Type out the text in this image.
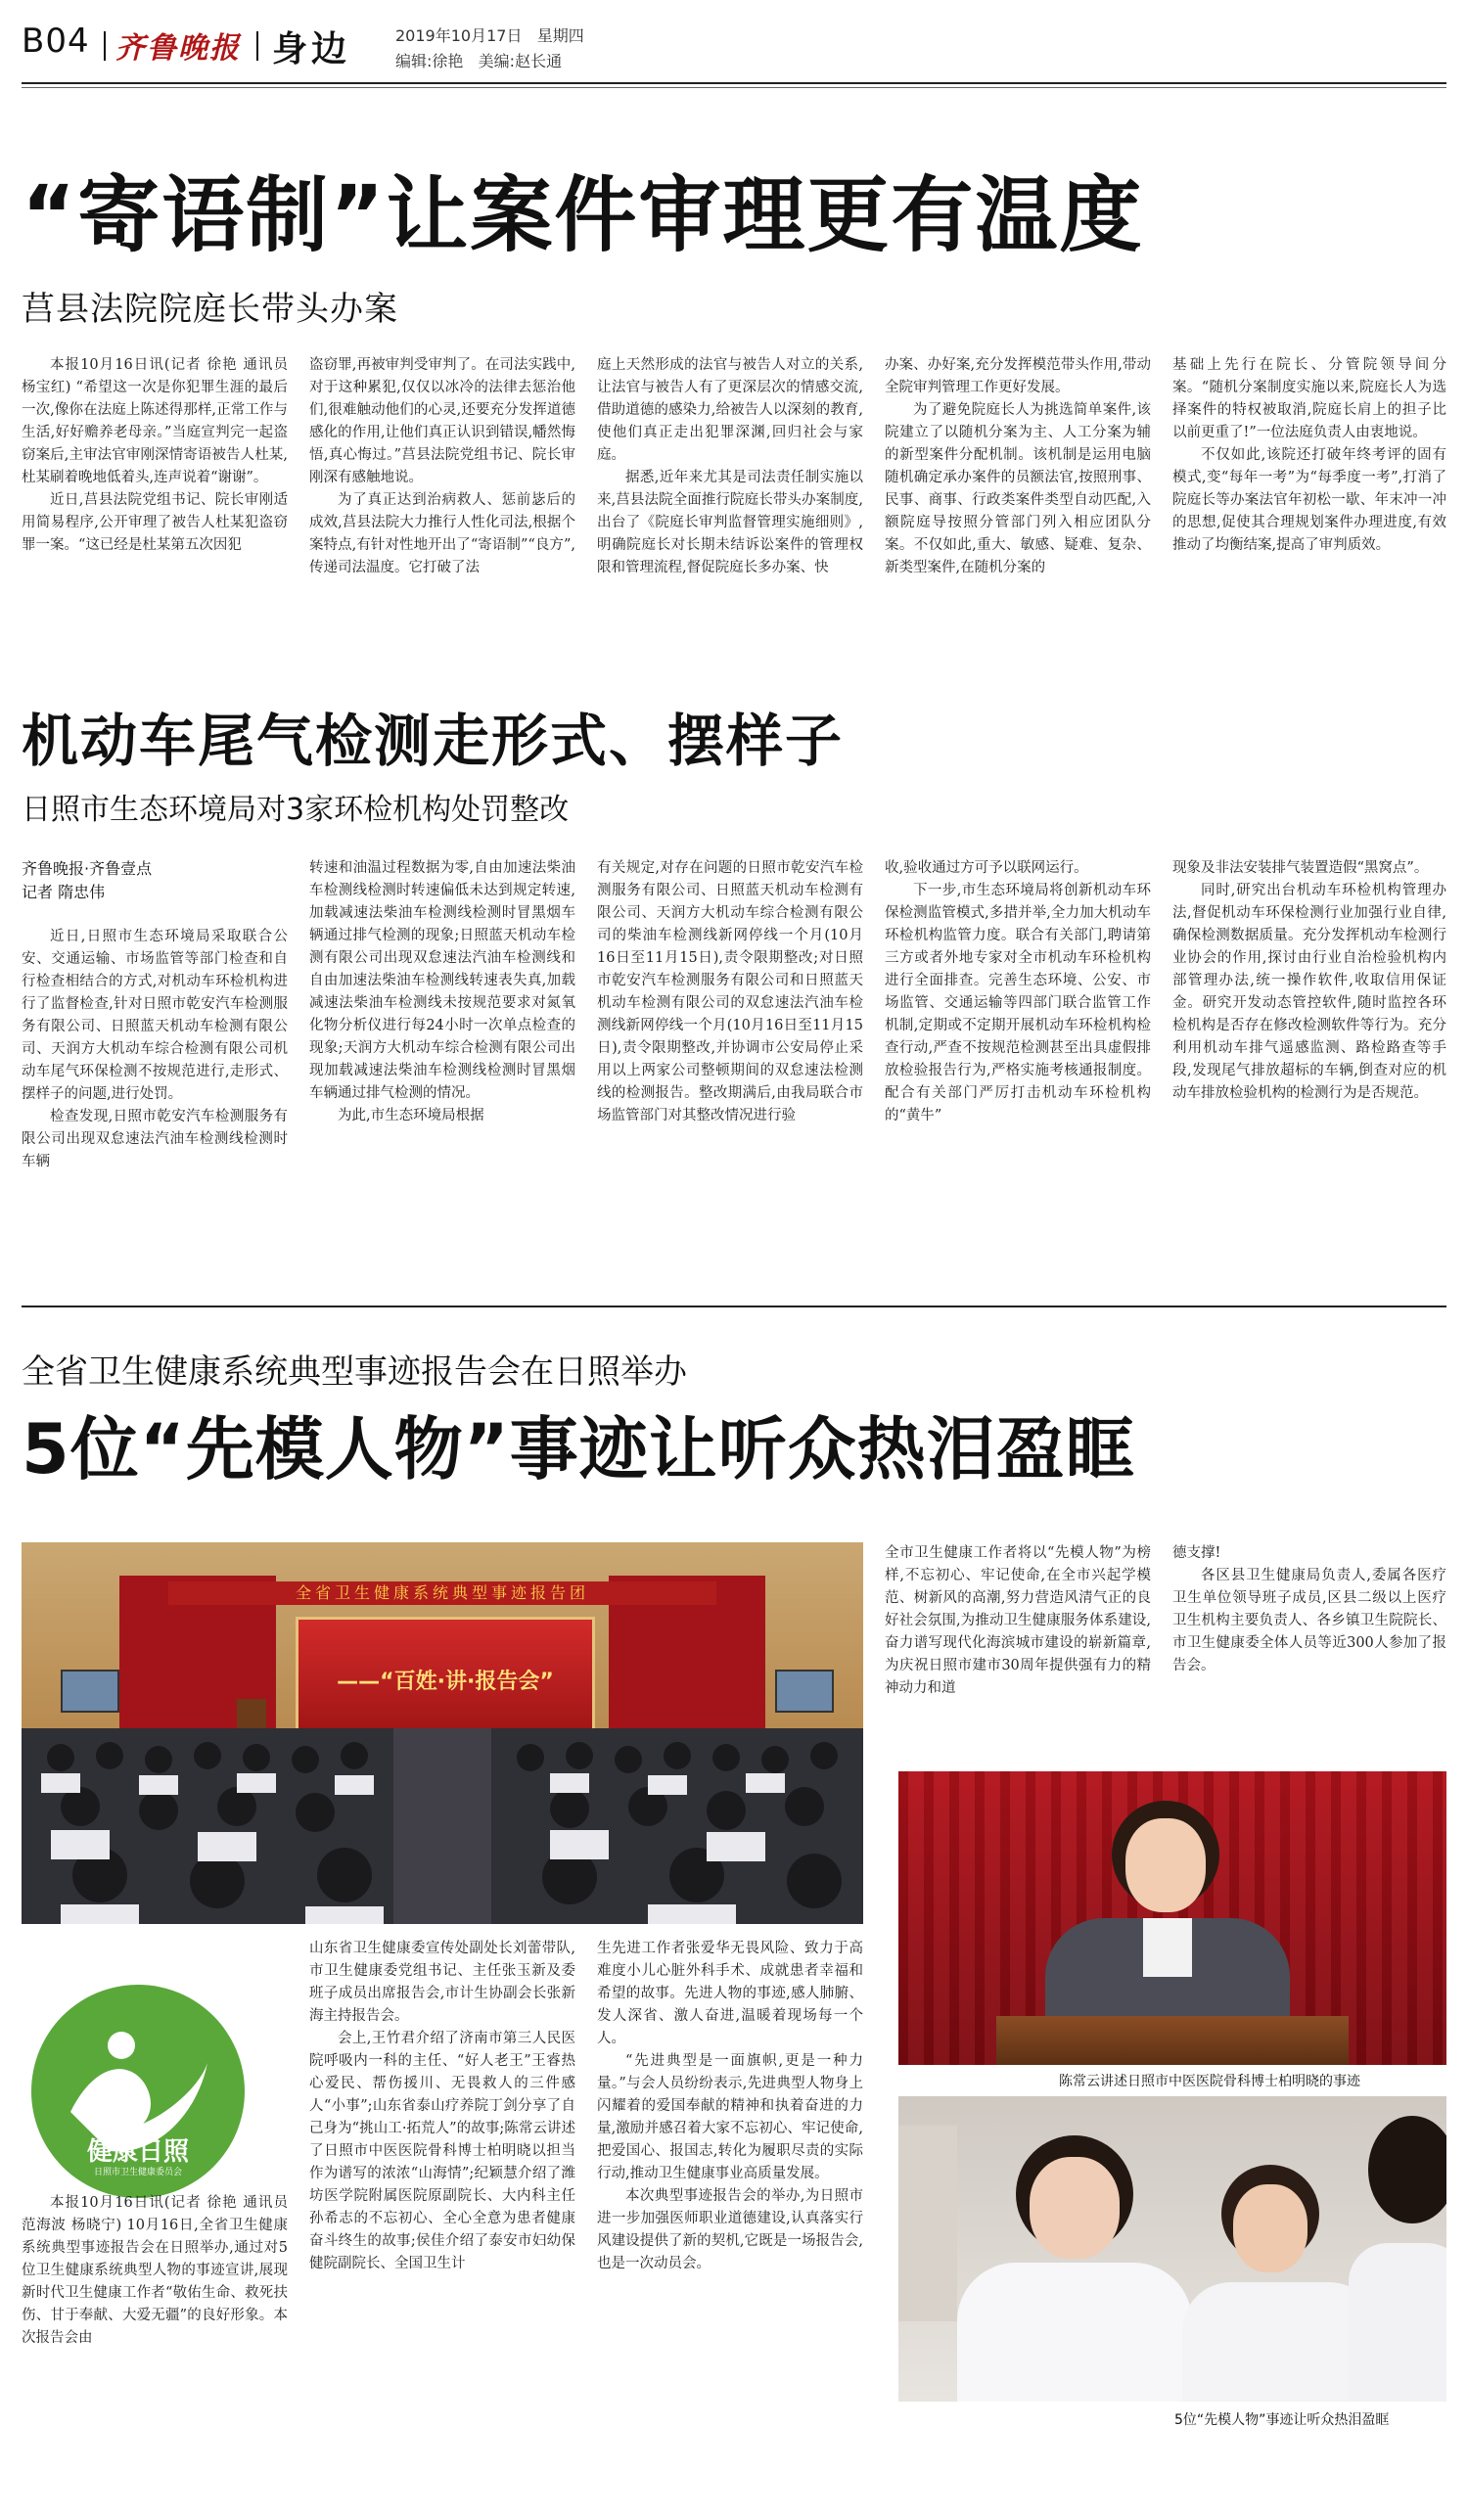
B04 齐鲁晚报 身边	2019年10月17日 星期四
编辑:徐艳 美编:赵长通
“寄语制”让案件审理更有温度
莒县法院院庭长带头办案

本报10月16日讯(记者 徐艳 通讯员 杨宝红) “希望这一次是你犯罪生涯的最后一次,像你在法庭上陈述得那样,正常工作与生活,好好赡养老母亲。”当庭宣判完一起盗窃案后,主审法官审刚深情寄语被告人杜某,杜某刷着晚地低着头,连声说着“谢谢”。

近日,莒县法院党组书记、院长审刚适用简易程序,公开审理了被告人杜某犯盗窃罪一案。“这已经是杜某第五次因犯

盗窃罪,再被审判受审判了。在司法实践中,对于这种累犯,仅仅以冰冷的法律去惩治他们,很难触动他们的心灵,还要充分发挥道德感化的作用,让他们真正认识到错误,幡然悔悟,真心悔过。”莒县法院党组书记、院长审刚深有感触地说。

为了真正达到治病救人、惩前毖后的成效,莒县法院大力推行人性化司法,根据个案特点,有针对性地开出了“寄语制”“良方”,传递司法温度。它打破了法

庭上天然形成的法官与被告人对立的关系,让法官与被告人有了更深层次的情感交流,借助道德的感染力,给被告人以深刻的教育,使他们真正走出犯罪深渊,回归社会与家庭。

据悉,近年来尤其是司法责任制实施以来,莒县法院全面推行院庭长带头办案制度,出台了《院庭长审判监督管理实施细则》,明确院庭长对长期未结诉讼案件的管理权限和管理流程,督促院庭长多办案、快

办案、办好案,充分发挥模范带头作用,带动全院审判管理工作更好发展。

为了避免院庭长人为挑选简单案件,该院建立了以随机分案为主、人工分案为辅的新型案件分配机制。该机制是运用电脑随机确定承办案件的员额法官,按照刑事、民事、商事、行政类案件类型自动匹配,入额院庭导按照分管部门列入相应团队分案。不仅如此,重大、敏感、疑难、复杂、新类型案件,在随机分案的

基础上先行在院长、分管院领导间分案。“随机分案制度实施以来,院庭长人为选择案件的特权被取消,院庭长肩上的担子比以前更重了!”一位法庭负责人由衷地说。

不仅如此,该院还打破年终考评的固有模式,变“每年一考”为“每季度一考”,打消了院庭长等办案法官年初松一歇、年末冲一冲的思想,促使其合理规划案件办理进度,有效推动了均衡结案,提高了审判质效。

机动车尾气检测走形式、摆样子
日照市生态环境局对3家环检机构处罚整改
齐鲁晚报·齐鲁壹点
记者 隋忠伟

近日,日照市生态环境局采取联合公安、交通运输、市场监管等部门检查和自行检查相结合的方式,对机动车环检机构进行了监督检查,针对日照市乾安汽车检测服务有限公司、日照蓝天机动车检测有限公司、天润方大机动车综合检测有限公司机动车尾气环保检测不按规范进行,走形式、摆样子的问题,进行处罚。

检查发现,日照市乾安汽车检测服务有限公司出现双怠速法汽油车检测线检测时车辆

转速和油温过程数据为零,自由加速法柴油车检测线检测时转速偏低未达到规定转速,加载减速法柴油车检测线检测时冒黑烟车辆通过排气检测的现象;日照蓝天机动车检测有限公司出现双怠速法汽油车检测线和自由加速法柴油车检测线转速表失真,加载减速法柴油车检测线未按规范要求对氮氧化物分析仪进行每24小时一次单点检查的现象;天润方大机动车综合检测有限公司出现加载减速法柴油车检测线检测时冒黑烟车辆通过排气检测的情况。

为此,市生态环境局根据

有关规定,对存在问题的日照市乾安汽车检测服务有限公司、日照蓝天机动车检测有限公司、天润方大机动车综合检测有限公司的柴油车检测线新网停线一个月(10月16日至11月15日),责令限期整改;对日照市乾安汽车检测服务有限公司和日照蓝天机动车检测有限公司的双怠速法汽油车检测线新网停线一个月(10月16日至11月15日),责令限期整改,并协调市公安局停止采用以上两家公司整顿期间的双怠速法检测线的检测报告。整改期满后,由我局联合市场监管部门对其整改情况进行验

收,验收通过方可予以联网运行。

下一步,市生态环境局将创新机动车环保检测监管模式,多措并举,全力加大机动车环检机构监管力度。联合有关部门,聘请第三方或者外地专家对全市机动车环检机构进行全面排查。完善生态环境、公安、市场监管、交通运输等四部门联合监管工作机制,定期或不定期开展机动车环检机构检查行动,严查不按规范检测甚至出具虚假排放检验报告行为,严格实施考核通报制度。配合有关部门严厉打击机动车环检机构的“黄牛”

现象及非法安装排气装置造假“黑窝点”。

同时,研究出台机动车环检机构管理办法,督促机动车环保检测行业加强行业自律,确保检测数据质量。充分发挥机动车检测行业协会的作用,探讨由行业自治检验机构内部管理办法,统一操作软件,收取信用保证金。研究开发动态管控软件,随时监控各环检机构是否存在修改检测软件等行为。充分利用机动车排气遥感监测、路检路查等手段,发现尾气排放超标的车辆,倒查对应的机动车排放检验机构的检测行为是否规范。

全省卫生健康系统典型事迹报告会在日照举办
5位“先模人物”事迹让听众热泪盈眶
全省卫生健康系统典型事迹报告团
——“百姓·讲·报告会”
健康日照
日照市卫生健康委员会

本报10月16日讯(记者 徐艳 通讯员 范海波 杨晓宁) 10月16日,全省卫生健康系统典型事迹报告会在日照举办,通过对5位卫生健康系统典型人物的事迹宣讲,展现新时代卫生健康工作者“敬佑生命、救死扶伤、甘于奉献、大爱无疆”的良好形象。本次报告会由

山东省卫生健康委宣传处副处长刘蕾带队,市卫生健康委党组书记、主任张玉新及委班子成员出席报告会,市计生协副会长张新海主持报告会。

会上,王竹君介绍了济南市第三人民医院呼吸内一科的主任、“好人老王”王睿热心爱民、帮伤援川、无畏救人的三件感人“小事”;山东省泰山疗养院丁剑分享了自己身为“挑山工·拓荒人”的故事;陈常云讲述了日照市中医医院骨科博士柏明晓以担当作为谱写的浓浓“山海情”;纪颖慧介绍了潍坊医学院附属医院原副院长、大内科主任孙希志的不忘初心、全心全意为患者健康奋斗终生的故事;侯佳介绍了泰安市妇幼保健院副院长、全国卫生计

生先进工作者张爱华无畏风险、致力于高难度小儿心脏外科手术、成就患者幸福和希望的故事。先进人物的事迹,感人肺腑、发人深省、激人奋进,温暖着现场每一个人。

“先进典型是一面旗帜,更是一种力量。”与会人员纷纷表示,先进典型人物身上闪耀着的爱国奉献的精神和执着奋进的力量,激励并感召着大家不忘初心、牢记使命,把爱国心、报国志,转化为履职尽责的实际行动,推动卫生健康事业高质量发展。

本次典型事迹报告会的举办,为日照市进一步加强医师职业道德建设,认真落实行风建设提供了新的契机,它既是一场报告会,也是一次动员会。

全市卫生健康工作者将以“先模人物”为榜样,不忘初心、牢记使命,在全市兴起学模范、树新风的高潮,努力营造风清气正的良好社会氛围,为推动卫生健康服务体系建设,奋力谱写现代化海滨城市建设的崭新篇章,为庆祝日照市建市30周年提供强有力的精神动力和道

德支撑!

各区县卫生健康局负责人,委属各医疗卫生单位领导班子成员,区县二级以上医疗卫生机构主要负责人、各乡镇卫生院院长、市卫生健康委全体人员等近300人参加了报告会。

陈常云讲述日照市中医医院骨科博士柏明晓的事迹
5位“先模人物”事迹让听众热泪盈眶
